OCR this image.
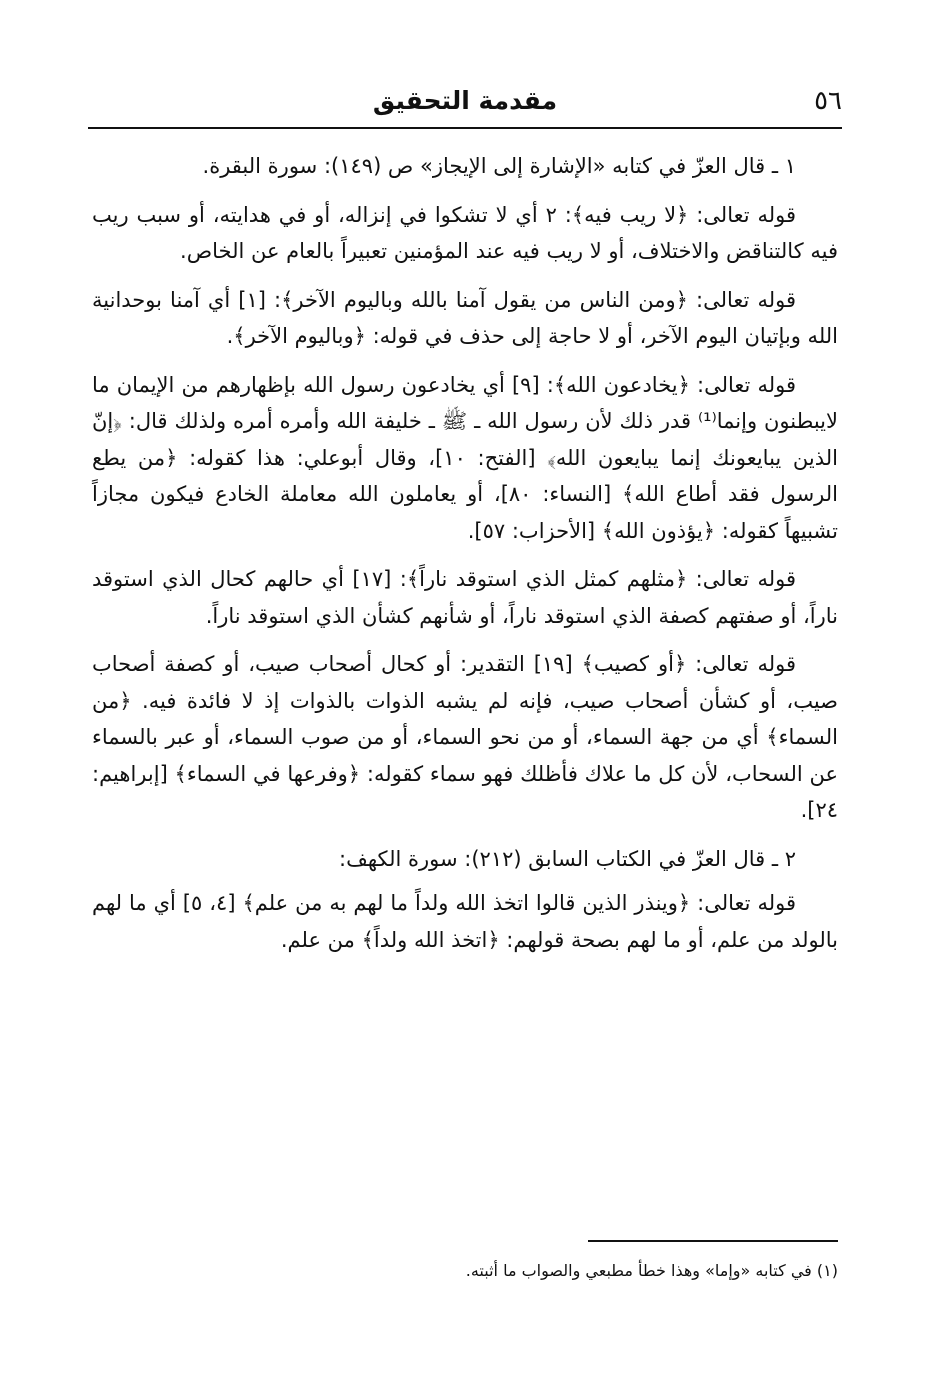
٥٦
مقدمة التحقيق

١ ـ قال العزّ في كتابه «الإشارة إلى الإيجاز» ص (١٤٩): سورة البقرة.

قوله تعالى: ﴿لا ريب فيه﴾: ٢ أي لا تشكوا في إنزاله، أو في هدايته، أو سبب ريب فيه كالتناقض والاختلاف، أو لا ريب فيه عند المؤمنين تعبيراً بالعام عن الخاص.

قوله تعالى: ﴿ومن الناس من يقول آمنا بالله وباليوم الآخر﴾: [١] أي آمنا بوحدانية الله وبإتيان اليوم الآخر، أو لا حاجة إلى حذف في قوله: ﴿وباليوم الآخر﴾.

قوله تعالى: ﴿يخادعون الله﴾: [٩] أي يخادعون رسول الله بإظهارهم من الإيمان ما لايبطنون وإنما⁽¹⁾ قدر ذلك لأن رسول الله ـ ﷺ ـ خليفة الله وأمره أمره ولذلك قال: ﴿إنّ الذين يبايعونك إنما يبايعون الله﴾ [الفتح: ١٠]، وقال أبوعلي: هذا كقوله: ﴿من يطع الرسول فقد أطاع الله﴾ [النساء: ٨٠]، أو يعاملون الله معاملة الخادع فيكون مجازاً تشبيهاً كقوله: ﴿يؤذون الله﴾ [الأحزاب: ٥٧].

قوله تعالى: ﴿مثلهم كمثل الذي استوقد ناراً﴾: [١٧] أي حالهم كحال الذي استوقد ناراً، أو صفتهم كصفة الذي استوقد ناراً، أو شأنهم كشأن الذي استوقد ناراً.

قوله تعالى: ﴿أو كصيب﴾ [١٩] التقدير: أو كحال أصحاب صيب، أو كصفة أصحاب صيب، أو كشأن أصحاب صيب، فإنه لم يشبه الذوات بالذوات إذ لا فائدة فيه. ﴿من السماء﴾ أي من جهة السماء، أو من نحو السماء، أو من صوب السماء، أو عبر بالسماء عن السحاب، لأن كل ما علاك فأظلك فهو سماء كقوله: ﴿وفرعها في السماء﴾ [إبراهيم: ٢٤].

٢ ـ قال العزّ في الكتاب السابق (٢١٢): سورة الكهف:

قوله تعالى: ﴿وينذر الذين قالوا اتخذ الله ولداً ما لهم به من علم﴾ [٤، ٥] أي ما لهم بالولد من علم، أو ما لهم بصحة قولهم: ﴿اتخذ الله ولداً﴾ من علم.

(١) في كتابه «وإما» وهذا خطأ مطبعي والصواب ما أثبته.
